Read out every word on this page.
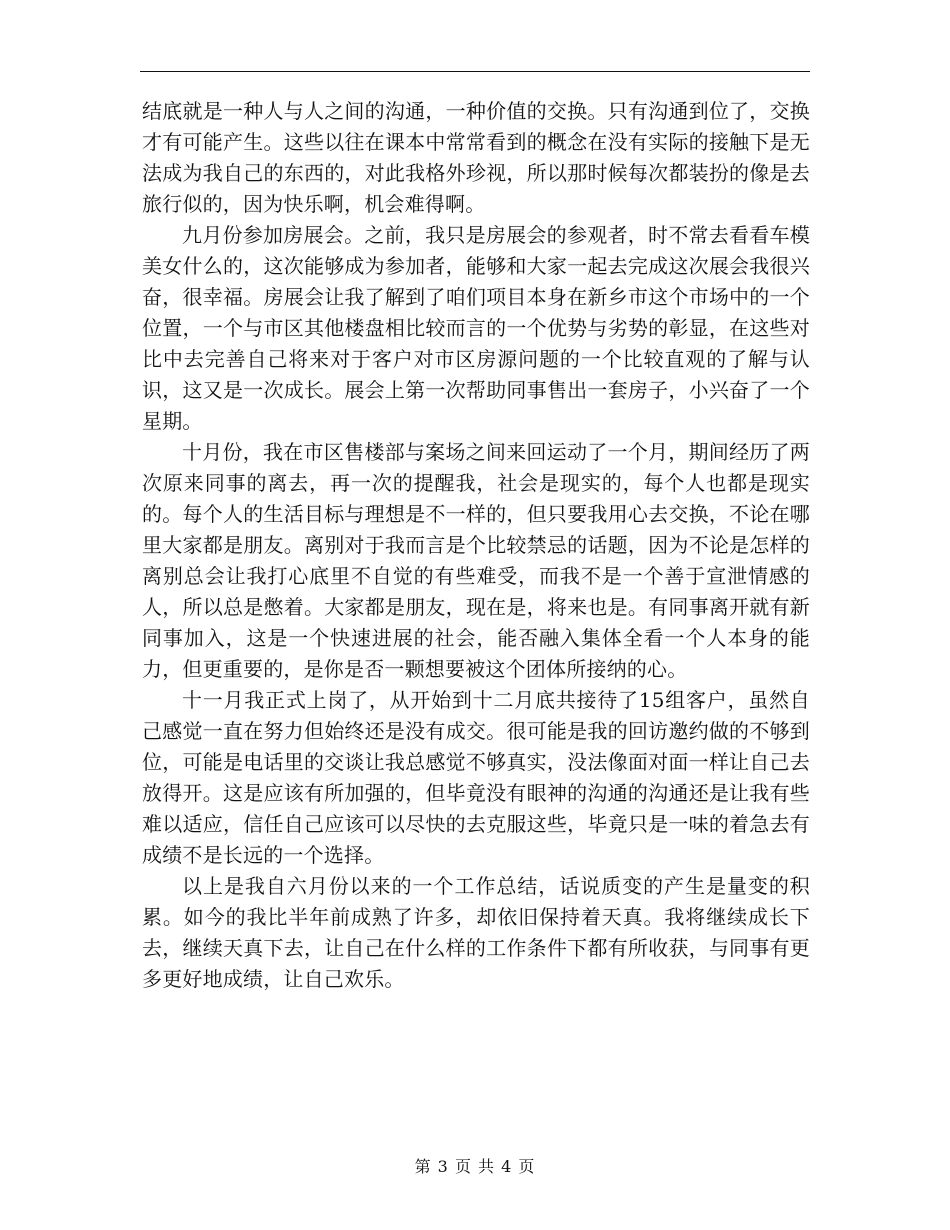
结底就是一种人与人之间的沟通，一种价值的交换。只有沟通到位了，交换才有可能产生。这些以往在课本中常常看到的概念在没有实际的接触下是无法成为我自己的东西的，对此我格外珍视，所以那时候每次都装扮的像是去旅行似的，因为快乐啊，机会难得啊。

九月份参加房展会。之前，我只是房展会的参观者，时不常去看看车模美女什么的，这次能够成为参加者，能够和大家一起去完成这次展会我很兴奋，很幸福。房展会让我了解到了咱们项目本身在新乡市这个市场中的一个位置，一个与市区其他楼盘相比较而言的一个优势与劣势的彰显，在这些对比中去完善自己将来对于客户对市区房源问题的一个比较直观的了解与认识，这又是一次成长。展会上第一次帮助同事售出一套房子，小兴奋了一个星期。

十月份，我在市区售楼部与案场之间来回运动了一个月，期间经历了两次原来同事的离去，再一次的提醒我，社会是现实的，每个人也都是现实的。每个人的生活目标与理想是不一样的，但只要我用心去交换，不论在哪里大家都是朋友。离别对于我而言是个比较禁忌的话题，因为不论是怎样的离别总会让我打心底里不自觉的有些难受，而我不是一个善于宣泄情感的人，所以总是憋着。大家都是朋友，现在是，将来也是。有同事离开就有新同事加入，这是一个快速进展的社会，能否融入集体全看一个人本身的能力，但更重要的，是你是否一颗想要被这个团体所接纳的心。

十一月我正式上岗了，从开始到十二月底共接待了15组客户，虽然自己感觉一直在努力但始终还是没有成交。很可能是我的回访邀约做的不够到位，可能是电话里的交谈让我总感觉不够真实，没法像面对面一样让自己去放得开。这是应该有所加强的，但毕竟没有眼神的沟通的沟通还是让我有些难以适应，信任自己应该可以尽快的去克服这些，毕竟只是一味的着急去有成绩不是长远的一个选择。

以上是我自六月份以来的一个工作总结，话说质变的产生是量变的积累。如今的我比半年前成熟了许多，却依旧保持着天真。我将继续成长下去，继续天真下去，让自己在什么样的工作条件下都有所收获，与同事有更多更好地成绩，让自己欢乐。

第 3 页 共 4 页
